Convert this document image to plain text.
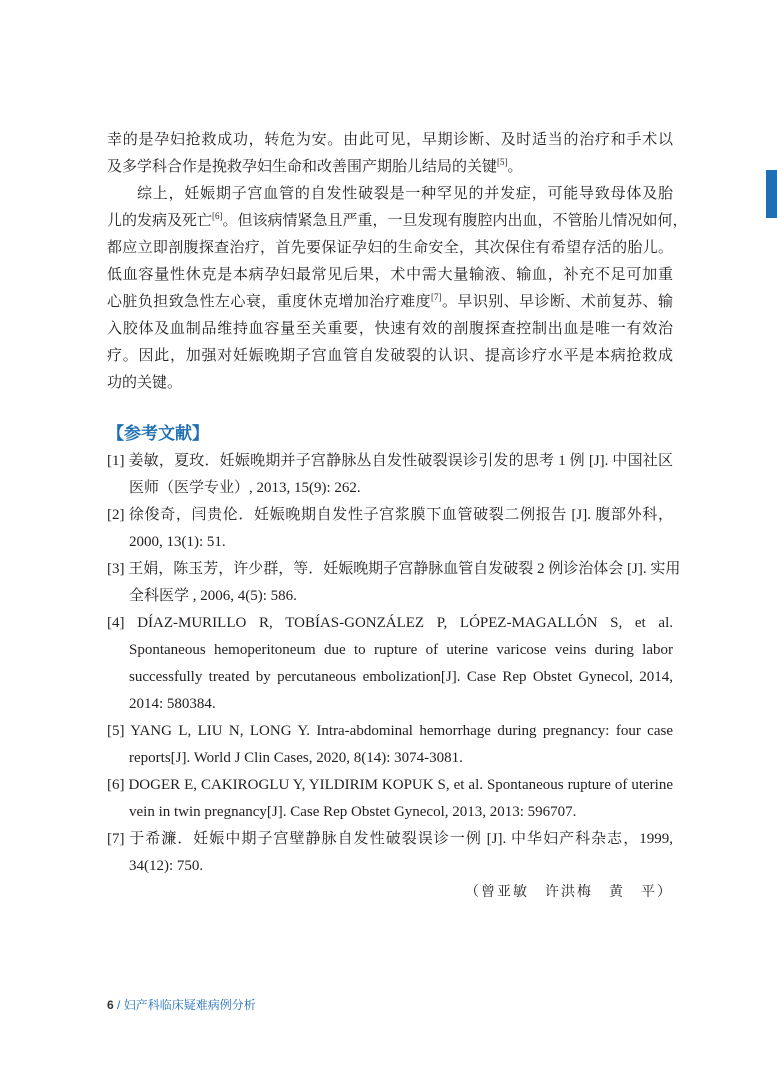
幸的是孕妇抢救成功，转危为安。由此可见，早期诊断、及时适当的治疗和手术以
及多学科合作是挽救孕妇生命和改善围产期胎儿结局的关键[5]。
综上，妊娠期子宫血管的自发性破裂是一种罕见的并发症，可能导致母体及胎
儿的发病及死亡[6]。但该病情紧急且严重，一旦发现有腹腔内出血，不管胎儿情况如何，
都应立即剖腹探查治疗，首先要保证孕妇的生命安全，其次保住有希望存活的胎儿。
低血容量性休克是本病孕妇最常见后果，术中需大量输液、输血，补充不足可加重
心脏负担致急性左心衰，重度休克增加治疗难度[7]。早识别、早诊断、术前复苏、输
入胶体及血制品维持血容量至关重要，快速有效的剖腹探查控制出血是唯一有效治
疗。因此，加强对妊娠晚期子宫血管自发破裂的认识、提高诊疗水平是本病抢救成
功的关键。
【参考文献】
[1] 姜敏，夏玫．妊娠晚期并子宫静脉丛自发性破裂误诊引发的思考 1 例 [J]. 中国社区
医师（医学专业）, 2013, 15(9): 262.
[2] 徐俊奇，闫贵伦．妊娠晚期自发性子宫浆膜下血管破裂二例报告 [J]. 腹部外科，
2000, 13(1): 51.
[3] 王娟，陈玉芳，许少群，等．妊娠晚期子宫静脉血管自发破裂 2 例诊治体会 [J]. 实用
全科医学 , 2006, 4(5): 586.
[4] DÍAZ-MURILLO R, TOBÍAS-GONZÁLEZ P, LÓPEZ-MAGALLÓN S, et al.
Spontaneous hemoperitoneum due to rupture of uterine varicose veins during labor
successfully treated by percutaneous embolization[J]. Case Rep Obstet Gynecol, 2014,
2014: 580384.
[5] YANG L, LIU N, LONG Y. Intra-abdominal hemorrhage during pregnancy: four case
reports[J]. World J Clin Cases, 2020, 8(14): 3074-3081.
[6] DOGER E, CAKIROGLU Y, YILDIRIM KOPUK S, et al. Spontaneous rupture of uterine
vein in twin pregnancy[J]. Case Rep Obstet Gynecol, 2013, 2013: 596707.
[7] 于希濂．妊娠中期子宫壁静脉自发性破裂误诊一例 [J]. 中华妇产科杂志，1999,
34(12): 750.
（曾亚敏　许洪梅　黄　平）
6 / 妇产科临床疑难病例分析
